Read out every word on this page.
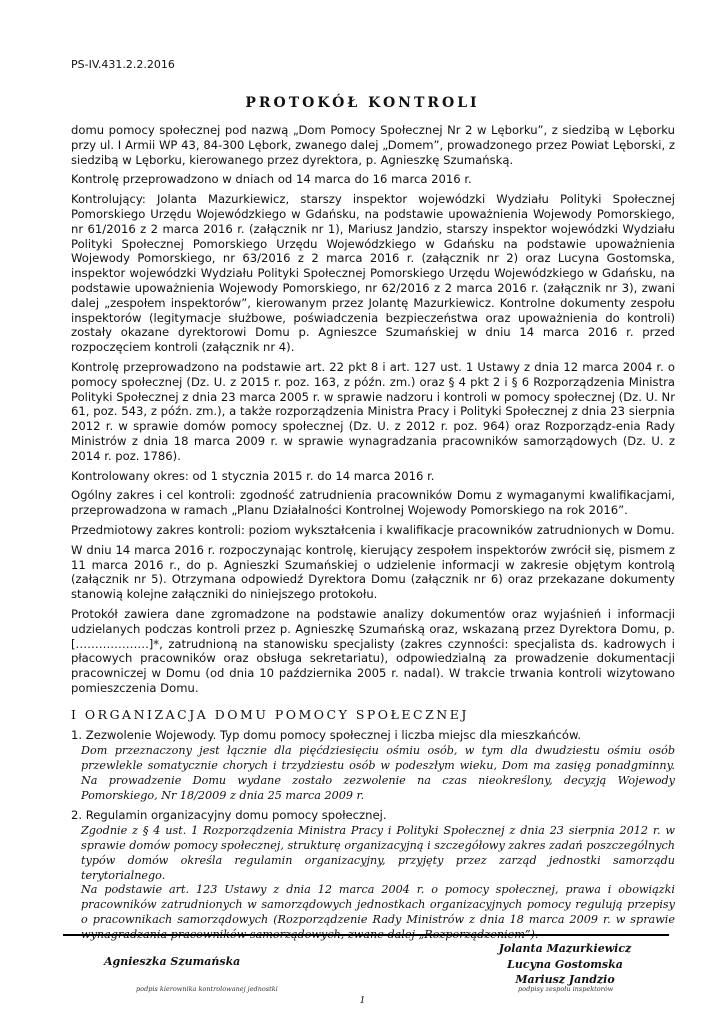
PS-IV.431.2.2.2016
PROTOKÓŁ KONTROLI

domu pomocy społecznej pod nazwą „Dom Pomocy Społecznej Nr 2 w Lęborku”, z siedzibą w Lęborku przy ul. I Armii WP 43, 84-300 Lębork, zwanego dalej „Domem”, prowadzonego przez Powiat Lęborski, z siedzibą w Lęborku, kierowanego przez dyrektora, p. Agnieszkę Szumańską.

Kontrolę przeprowadzono w dniach od 14 marca do 16 marca 2016 r.

Kontrolujący: Jolanta Mazurkiewicz, starszy inspektor wojewódzki Wydziału Polityki Społecznej Pomorskiego Urzędu Wojewódzkiego w Gdańsku, na podstawie upoważnienia Wojewody Pomorskiego, nr 61/2016 z 2 marca 2016 r. (załącznik nr 1), Mariusz Jandzio, starszy inspektor wojewódzki Wydziału Polityki Społecznej Pomorskiego Urzędu Wojewódzkiego w Gdańsku na podstawie upoważnienia Wojewody Pomorskiego, nr 63/2016 z 2 marca 2016 r. (załącznik nr 2) oraz Lucyna Gostomska, inspektor wojewódzki Wydziału Polityki Społecznej Pomorskiego Urzędu Wojewódzkiego w Gdańsku, na podstawie upoważnienia Wojewody Pomorskiego, nr 62/2016 z 2 marca 2016 r. (załącznik nr 3), zwani dalej „zespołem inspektorów”, kierowanym przez Jolantę Mazurkiewicz. Kontrolne dokumenty zespołu inspektorów (legitymacje służbowe, poświadczenia bezpieczeństwa oraz upoważnienia do kontroli) zostały okazane dyrektorowi Domu p. Agnieszce Szumańskiej w dniu 14 marca 2016 r. przed rozpoczęciem kontroli (załącznik nr 4).

Kontrolę przeprowadzono na podstawie art. 22 pkt 8 i art. 127 ust. 1 Ustawy z dnia 12 marca 2004 r. o pomocy społecznej (Dz. U. z 2015 r. poz. 163, z późn. zm.) oraz § 4 pkt 2 i § 6 Rozporządzenia Ministra Polityki Społecznej z dnia 23 marca 2005 r. w sprawie nadzoru i kontroli w pomocy społecznej (Dz. U. Nr 61, poz. 543, z późn. zm.), a także rozporządzenia Ministra Pracy i Polityki Społecznej z dnia 23 sierpnia 2012 r. w sprawie domów pomocy społecznej (Dz. U. z 2012 r. poz. 964) oraz Rozporządz-enia Rady Ministrów z dnia 18 marca 2009 r. w sprawie wynagradzania pracowników samorządowych (Dz. U. z 2014 r. poz. 1786).

Kontrolowany okres: od 1 stycznia 2015 r. do 14 marca 2016 r.

Ogólny zakres i cel kontroli: zgodność zatrudnienia pracowników Domu z wymaganymi kwalifikacjami, przeprowadzona w ramach „Planu Działalności Kontrolnej Wojewody Pomorskiego na rok 2016”.

Przedmiotowy zakres kontroli: poziom wykształcenia i kwalifikacje pracowników zatrudnionych w Domu.

W dniu 14 marca 2016 r. rozpoczynając kontrolę, kierujący zespołem inspektorów zwrócił się, pismem z 11 marca 2016 r., do p. Agnieszki Szumańskiej o udzielenie informacji w zakresie objętym kontrolą (załącznik nr 5). Otrzymana odpowiedź Dyrektora Domu (załącznik nr 6) oraz przekazane dokumenty stanowią kolejne załączniki do niniejszego protokołu.

Protokół zawiera dane zgromadzone na podstawie analizy dokumentów oraz wyjaśnień i informacji udzielanych podczas kontroli przez p. Agnieszkę Szumańską oraz, wskazaną przez Dyrektora Domu, p. [……………….]*, zatrudnioną na stanowisku specjalisty (zakres czynności: specjalista ds. kadrowych i płacowych pracowników oraz obsługa sekretariatu), odpowiedzialną za prowadzenie dokumentacji pracowniczej w Domu (od dnia 10 października 2005 r. nadal). W trakcie trwania kontroli wizytowano pomieszczenia Domu.

I ORGANIZACJA DOMU POMOCY SPOŁECZNEJ

1. Zezwolenie Wojewody. Typ domu pomocy społecznej i liczba miejsc dla mieszkańców.

Dom przeznaczony jest łącznie dla pięćdziesięciu ośmiu osób, w tym dla dwudziestu ośmiu osób przewlekle somatycznie chorych i trzydziestu osób w podeszłym wieku, Dom ma zasięg ponadgminny. Na prowadzenie Domu wydane zostało zezwolenie na czas nieokreślony, decyzją Wojewody Pomorskiego, Nr 18/2009 z dnia 25 marca 2009 r.

2. Regulamin organizacyjny domu pomocy społecznej.

Zgodnie z § 4 ust. 1 Rozporządzenia Ministra Pracy i Polityki Społecznej z dnia 23 sierpnia 2012 r. w sprawie domów pomocy społecznej, strukturę organizacyjną i szczegółowy zakres zadań poszczególnych typów domów określa regulamin organizacyjny, przyjęty przez zarząd jednostki samorządu terytorialnego.

Na podstawie art. 123 Ustawy z dnia 12 marca 2004 r. o pomocy społecznej, prawa i obowiązki pracowników zatrudnionych w samorządowych jednostkach organizacyjnych pomocy regulują przepisy o pracownikach samorządowych (Rozporządzenie Rady Ministrów z dnia 18 marca 2009 r. w sprawie wynagradzania pracowników samorządowych, zwane dalej „Rozporządzeniem”).

Agnieszka Szumańska
Jolanta Mazurkiewicz
Lucyna Gostomska
Mariusz Jandzio
podpis kierownika kontrolowanej jednostki	podpisy zespołu inspektorów
1
